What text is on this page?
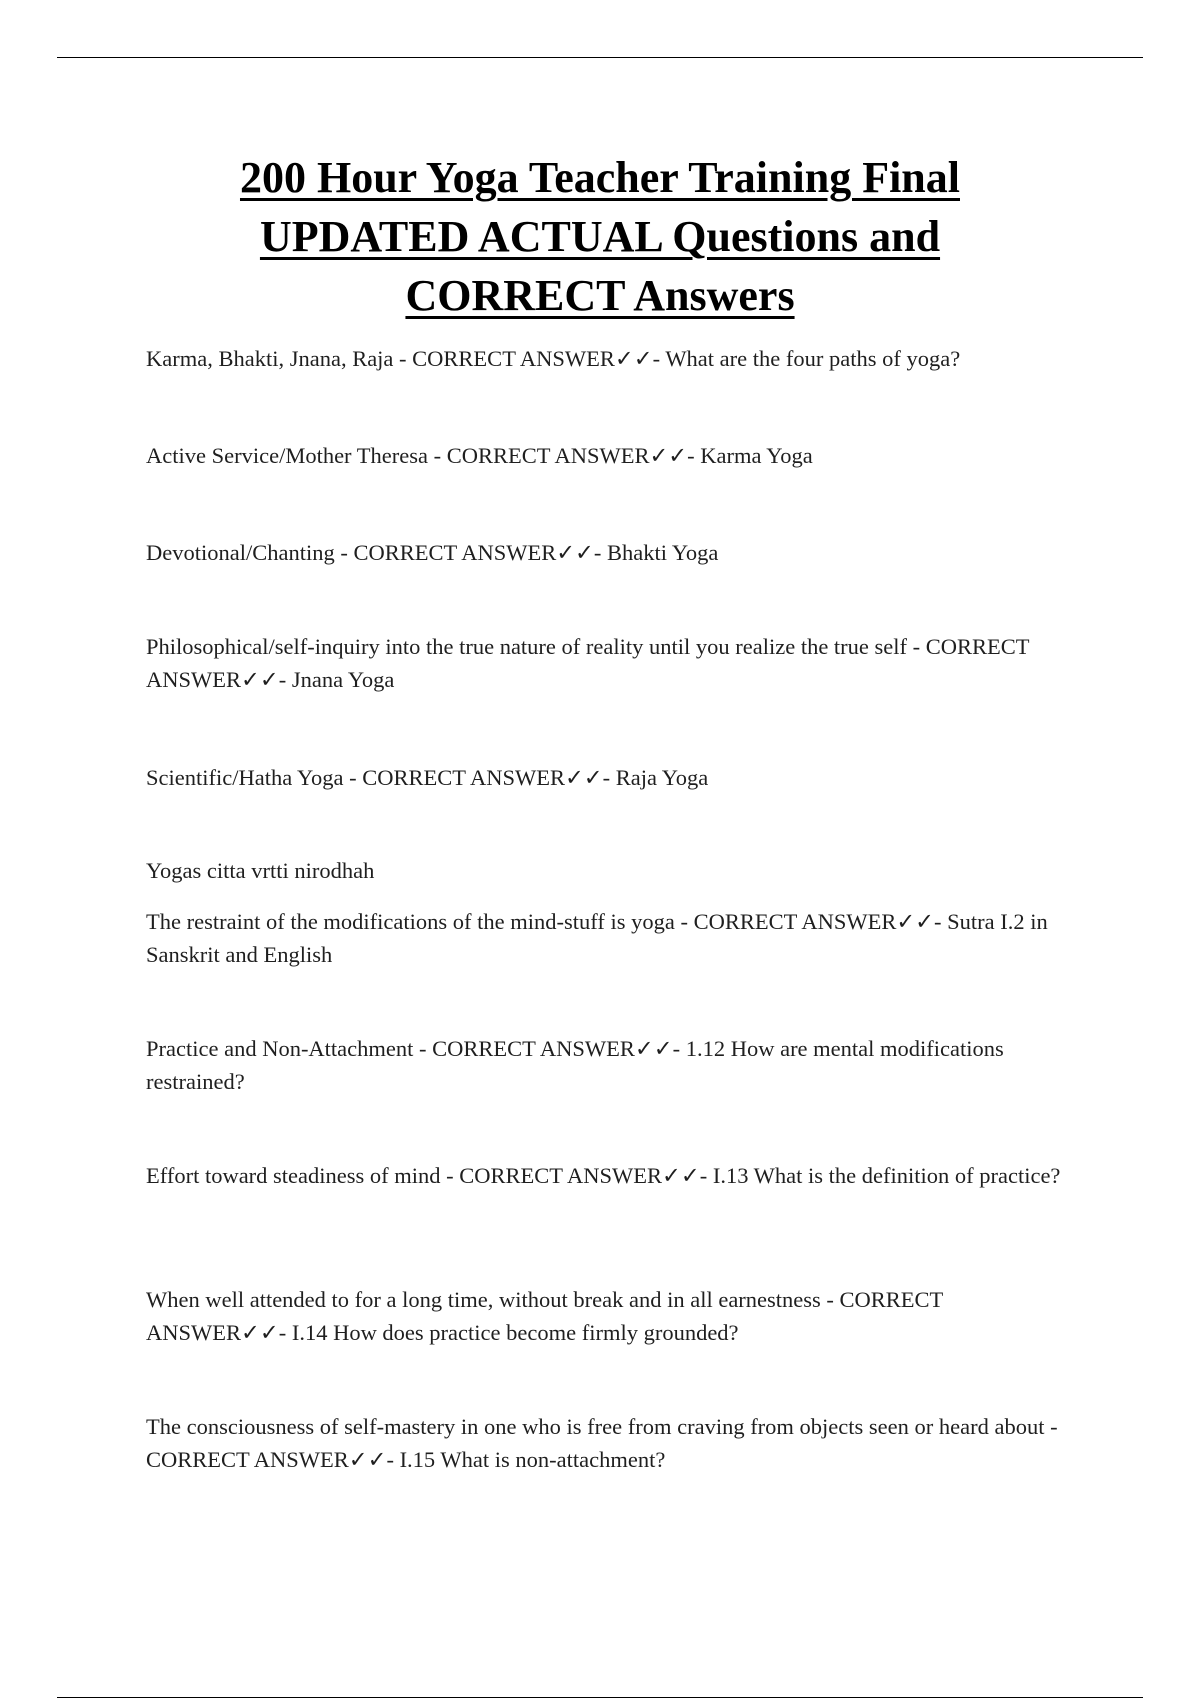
200 Hour Yoga Teacher Training Final
UPDATED ACTUAL Questions and
CORRECT Answers

Karma, Bhakti, Jnana, Raja - CORRECT ANSWER✓✓- What are the four paths of yoga?

Active Service/Mother Theresa - CORRECT ANSWER✓✓- Karma Yoga

Devotional/Chanting - CORRECT ANSWER✓✓- Bhakti Yoga

Philosophical/self-inquiry into the true nature of reality until you realize the true self - CORRECT ANSWER✓✓- Jnana Yoga

Scientific/Hatha Yoga - CORRECT ANSWER✓✓- Raja Yoga

Yogas citta vrtti nirodhah

The restraint of the modifications of the mind-stuff is yoga - CORRECT ANSWER✓✓- Sutra I.2 in Sanskrit and English

Practice and Non-Attachment - CORRECT ANSWER✓✓- 1.12 How are mental modifications restrained?

Effort toward steadiness of mind - CORRECT ANSWER✓✓- I.13 What is the definition of practice?

When well attended to for a long time, without break and in all earnestness - CORRECT ANSWER✓✓- I.14 How does practice become firmly grounded?

The consciousness of self-mastery in one who is free from craving from objects seen or heard about - CORRECT ANSWER✓✓- I.15 What is non-attachment?
